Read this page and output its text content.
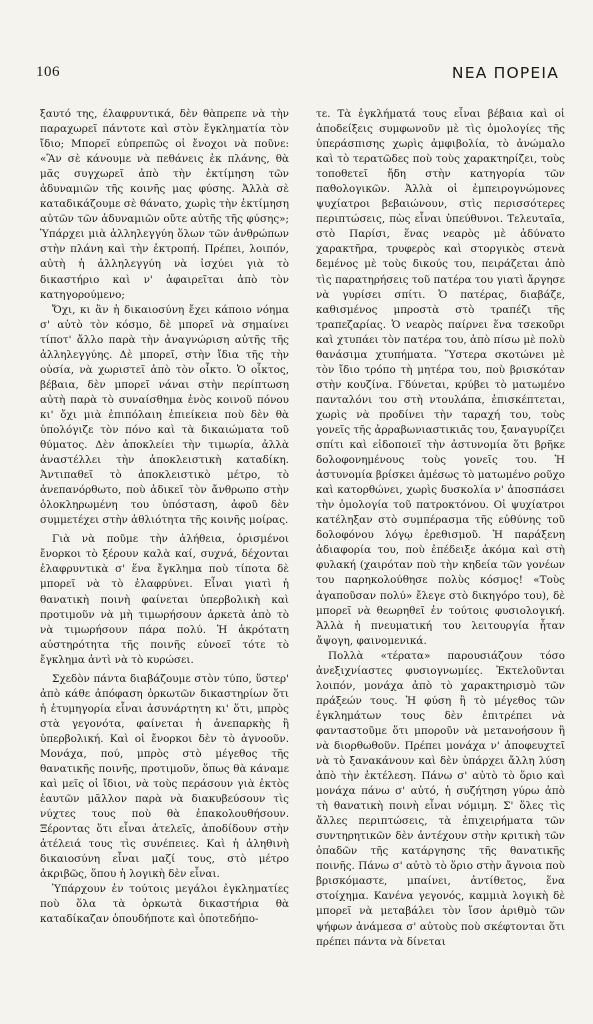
106	ΝΕΑ ΠΟΡΕΙΑ

ξαυτό της, έλαφρυντικά, δὲν θὰπρεπε νὰ τὴν παραχωρεῖ πάντοτε καὶ στὸν ἔγκληματία τὸν ἴδιο; Μπορεῖ εὐπρεπῶς οἱ ἔνοχοι νὰ ποῦνε: «Ἂν σὲ κάνουμε νὰ πεθάνεις ἐκ πλάνης, θὰ μᾶς συγχωρεῖ ἀπὸ τὴν ἐκτίμηση τῶν ἀδυναμιῶν τῆς κοινῆς μας φύσης. Ἀλλὰ σὲ καταδικάζουμε σὲ θάνατο, χωρὶς τὴν ἐκτίμηση αὐτῶν τῶν ἀδυναμιῶν οὔτε αὐτῆς τῆς φύσης»; Ὑπάρχει μιὰ ἀλληλεγγύη ὅλων τῶν ἀνθρώπων στὴν πλάνη καὶ τὴν ἐκτροπή. Πρέπει, λοιπόν, αὐτὴ ἡ ἀλληλεγγύη νὰ ἰσχύει γιὰ τὸ δικαστήριο καὶ ν' ἀφαιρεῖται ἀπὸ τὸν κατηγορούμενο;

Ὄχι, κι ἂν ἡ δικαιοσύνη ἔχει κάποιο νόημα σ' αὐτὸ τὸν κόσμο, δὲ μπορεῖ νὰ σημαίνει τίποτ' ἄλλο παρὰ τὴν ἀναγνώριση αὐτῆς τῆς ἀλληλεγγύης. Δὲ μπορεῖ, στὴν ἴδια τῆς τὴν οὐσία, νὰ χωριστεῖ ἀπὸ τὸν οἶκτο. Ὁ οἶκτος, βέβαια, δὲν μπορεῖ νάναι στὴν περίπτωση αὐτὴ παρὰ τὸ συναίσθημα ἑνὸς κοινοῦ πόνου κι' ὄχι μιὰ ἐπιπόλαιη ἐπιείκεια ποὺ δὲν θὰ ὑπολόγιζε τὸν πόνο καὶ τὰ δικαιώματα τοῦ θύματος. Δὲν ἀποκλείει τὴν τιμωρία, ἀλλὰ ἀναστέλλει τὴν ἀποκλειστικὴ καταδίκη. Ἀντιπαθεῖ τὸ ἀποκλειστικὸ μέτρο, τὸ ἀνεπανόρθωτο, ποὺ ἀδικεῖ τὸν ἄνθρωπο στὴν ὁλοκληρωμένη του ὑπόσταση, ἀφοῦ δὲν συμμετέχει στὴν ἀθλιότητα τῆς κοινῆς μοίρας.

Γιὰ νὰ ποῦμε τὴν ἀλήθεια, ὁρισμένοι ἔνορκοι τὸ ξέρουν καλὰ καί, συχνά, δέχονται ἐλαφρυντικὰ σ' ἕνα ἔγκλημα ποὺ τίποτα δὲ μπορεῖ νὰ τὸ ἐλαφρύνει. Εἶναι γιατὶ ἡ θανατικὴ ποινὴ φαίνεται ὑπερβολικὴ καὶ προτιμοῦν νὰ μὴ τιμωρήσουν ἀρκετὰ ἀπὸ τὸ νὰ τιμωρήσουν πάρα πολύ. Ἡ ἀκρότατη αὐστηρότητα τῆς ποινῆς εὐνοεῖ τότε τὸ ἔγκλημα ἀντὶ νὰ τὸ κυρώσει.

Σχεδὸν πάντα διαβάζουμε στὸν τύπο, ὕστερ' ἀπὸ κάθε ἀπόφαση ὁρκωτῶν δικαστηρίων ὅτι ἡ ἐτυμηγορία εἶναι ἀσυνάρτητη κι' ὅτι, μπρὸς στὰ γεγονότα, φαίνεται ἡ ἀνεπαρκὴς ἢ ὑπερβολική. Καὶ οἱ ἔνορκοι δὲν τὸ ἀγνοοῦν. Μονάχα, πού, μπρὸς στὸ μέγεθος τῆς θανατικῆς ποινῆς, προτιμοῦν, ὅπως θὰ κάναμε καὶ μεῖς οἱ ἴδιοι, νὰ τοὺς περάσουν γιὰ ἐκτὸς ἑαυτῶν μᾶλλον παρὰ νὰ διακυβεύσουν τὶς νύχτες τους ποὺ θὰ ἐπακολουθήσουν. Ξέροντας ὅτι εἶναι ἀτελεῖς, ἀποδίδουν στὴν ἀτέλειά τους τὶς συνέπειες. Καὶ ἡ ἀληθινὴ δικαιοσύνη εἶναι μαζί τους, στὸ μέτρο ἀκριβῶς, ὅπου ἡ λογικὴ δὲν εἶναι.

Ὑπάρχουν ἐν τούτοις μεγάλοι ἐγκληματίες ποὺ ὅλα τὰ ὁρκωτὰ δικαστήρια θὰ καταδίκαζαν ὁπουδήποτε καὶ ὁποτεδήπο-

τε. Τὰ ἐγκλήματά τους εἶναι βέβαια καὶ οἱ ἀποδείξεις συμφωνοῦν μὲ τὶς ὁμολογίες τῆς ὑπεράσπισης χωρὶς ἀμφιβολία, τὸ ἀνώμαλο καὶ τὸ τερατῶδες ποὺ τοὺς χαρακτηρίζει, τοὺς τοποθετεῖ ἤδη στὴν κατηγορία τῶν παθολογικῶν. Ἀλλὰ οἱ ἐμπειρογνώμονες ψυχίατροι βεβαιώνουν, στὶς περισσότερες περιπτώσεις, πὼς εἶναι ὑπεύθυνοι. Τελευταῖα, στὸ Παρίσι, ἕνας νεαρὸς μὲ ἀδύνατο χαρακτῆρα, τρυφερὸς καὶ στοργικὸς στενὰ δεμένος μὲ τοὺς δικούς του, πειράζεται ἀπὸ τὶς παρατηρήσεις τοῦ πατέρα του γιατὶ ἄργησε νὰ γυρίσει σπίτι. Ὁ πατέρας, διαβάζε, καθισμένος μπροστὰ στὸ τραπέζι τῆς τραπεζαρίας. Ὁ νεαρὸς παίρνει ἕνα τσεκοῦρι καὶ χτυπάει τὸν πατέρα του, ἀπὸ πίσω μὲ πολὺ θανάσιμα χτυπήματα. Ὕστερα σκοτώνει μὲ τὸν ἴδιο τρόπο τὴ μητέρα του, ποὺ βρισκόταν στὴν κουζίνα. Γδύνεται, κρύβει τὸ ματωμένο πανταλόνι του στὴ ντουλάπα, ἐπισκέπτεται, χωρὶς νὰ προδίνει τὴν ταραχή του, τοὺς γονεῖς τῆς ἀρραβωνιαστικιᾶς του, ξαναγυρίζει σπίτι καὶ εἰδοποιεῖ τὴν ἀστυνομία ὅτι βρῆκε δολοφονημένους τοὺς γονεῖς του. Ἡ ἀστυνομία βρίσκει ἀμέσως τὸ ματωμένο ροῦχο καὶ κατορθώνει, χωρὶς δυσκολία ν' ἀποσπάσει τὴν ὁμολογία τοῦ πατροκτόνου. Οἱ ψυχίατροι κατέληξαν στὸ συμπέρασμα τῆς εὐθύνης τοῦ δολοφόνου λόγῳ ἐρεθισμοῦ. Ἡ παράξενη ἀδιαφορία του, ποὺ ἐπέδειξε ἀκόμα καὶ στὴ φυλακή (χαιρόταν ποὺ τὴν κηδεία τῶν γονέων του παρηκολούθησε πολὺς κόσμος! «Τοὺς ἀγαποῦσαν πολύ» ἔλεγε στὸ δικηγόρο του), δὲ μπορεῖ νὰ θεωρηθεῖ ἐν τούτοις φυσιολογική. Ἀλλὰ ἡ πνευματική του λειτουργία ἦταν ἄψογη, φαινομενικά.

Πολλὰ «τέρατα» παρουσιάζουν τόσο ἀνεξιχνίαστες φυσιογνωμίες. Ἐκτελοῦνται λοιπόν, μονάχα ἀπὸ τὸ χαρακτηρισμὸ τῶν πράξεών τους. Ἡ φύση ἢ τὸ μέγεθος τῶν ἐγκλημάτων τους δὲν ἐπιτρέπει νὰ φανταστοῦμε ὅτι μποροῦν νὰ μετανοήσουν ἢ νὰ διορθωθοῦν. Πρέπει μονάχα ν' ἀποφευχτεῖ νὰ τὸ ξανακάνουν καὶ δὲν ὑπάρχει ἄλλη λύση ἀπὸ τὴν ἐκτέλεση. Πάνω σ' αὐτὸ τὸ ὅριο καὶ μονάχα πάνω σ' αὐτό, ἡ συζήτηση γύρω ἀπὸ τὴ θανατικὴ ποινὴ εἶναι νόμιμη. Σ' ὅλες τὶς ἄλλες περιπτώσεις, τὰ ἐπιχειρήματα τῶν συντηρητικῶν δὲν ἀντέχουν στὴν κριτικὴ τῶν ὀπαδῶν τῆς κατάργησης τῆς θανατικῆς ποινῆς. Πάνω σ' αὐτὸ τὸ ὅριο στὴν ἄγνοια ποὺ βρισκόμαστε, μπαίνει, ἀντίθετος, ἕνα στοίχημα. Κανένα γεγονός, καμμιὰ λογικὴ δὲ μπορεῖ νὰ μεταβάλει τὸν ἴσον ἀριθμὸ τῶν ψήφων ἀνάμεσα σ' αὐτοὺς ποὺ σκέφτονται ὅτι πρέπει πάντα νὰ δίνεται
